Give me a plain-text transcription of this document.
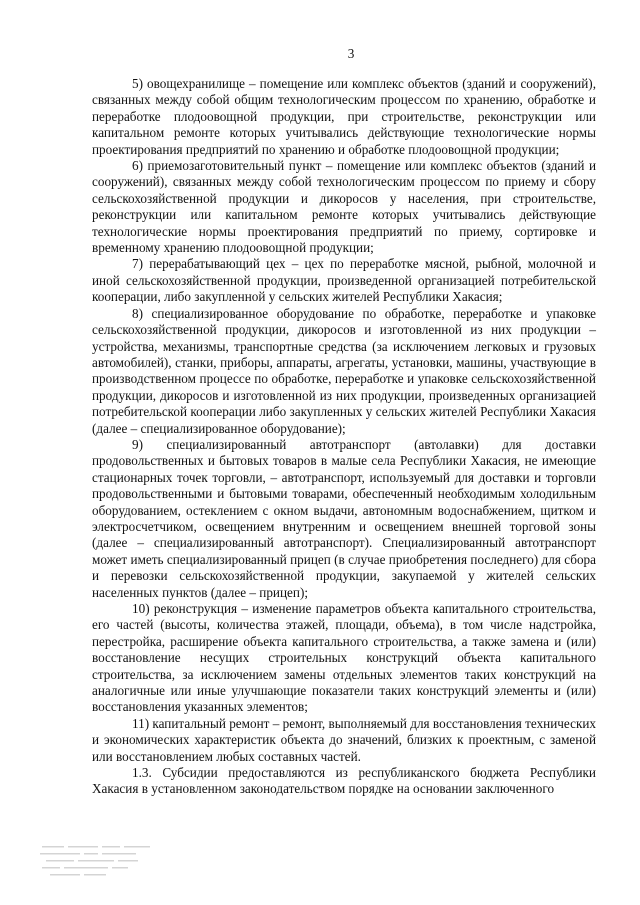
3

5) овощехранилище – помещение или комплекс объектов (зданий и сооружений), связанных между собой общим технологическим процессом по хранению, обработке и переработке плодоовощной продукции, при строительстве, реконструкции или капитальном ремонте которых учитывались действующие технологические нормы проектирования предприятий по хранению и обработке плодоовощной продукции;

6) приемозаготовительный пункт – помещение или комплекс объектов (зданий и сооружений), связанных между собой технологическим процессом по приему и сбору сельскохозяйственной продукции и дикоросов у населения, при строительстве, реконструкции или капитальном ремонте которых учитывались действующие технологические нормы проектирования предприятий по приему, сортировке и временному хранению плодоовощной продукции;

7) перерабатывающий цех – цех по переработке мясной, рыбной, молочной и иной сельскохозяйственной продукции, произведенной организацией потребительской кооперации, либо закупленной у сельских жителей Республики Хакасия;

8) специализированное оборудование по обработке, переработке и упаковке сельскохозяйственной продукции, дикоросов и изготовленной из них продукции – устройства, механизмы, транспортные средства (за исключением легковых и грузовых автомобилей), станки, приборы, аппараты, агрегаты, установки, машины, участвующие в производственном процессе по обработке, переработке и упаковке сельскохозяйственной продукции, дикоросов и изготовленной из них продукции, произведенных организацией потребительской кооперации либо закупленных у сельских жителей Республики Хакасия (далее – специализированное оборудование);

9) специализированный автотранспорт (автолавки) для доставки продовольственных и бытовых товаров в малые села Республики Хакасия, не имеющие стационарных точек торговли, – автотранспорт, используемый для доставки и торговли продовольственными и бытовыми товарами, обеспеченный необходимым холодильным оборудованием, остеклением с окном выдачи, автономным водоснабжением, щитком и электросчетчиком, освещением внутренним и освещением внешней торговой зоны (далее – специализированный автотранспорт). Специализированный автотранспорт может иметь специализированный прицеп (в случае приобретения последнего) для сбора и перевозки сельскохозяйственной продукции, закупаемой у жителей сельских населенных пунктов (далее – прицеп);

10) реконструкция – изменение параметров объекта капитального строительства, его частей (высоты, количества этажей, площади, объема), в том числе надстройка, перестройка, расширение объекта капитального строительства, а также замена и (или) восстановление несущих строительных конструкций объекта капитального строительства, за исключением замены отдельных элементов таких конструкций на аналогичные или иные улучшающие показатели таких конструкций элементы и (или) восстановления указанных элементов;

11) капитальный ремонт – ремонт, выполняемый для восстановления технических и экономических характеристик объекта до значений, близких к проектным, с заменой или восстановлением любых составных частей.

1.3. Субсидии предоставляются из республиканского бюджета Республики Хакасия в установленном законодательством порядке на основании заключенного
